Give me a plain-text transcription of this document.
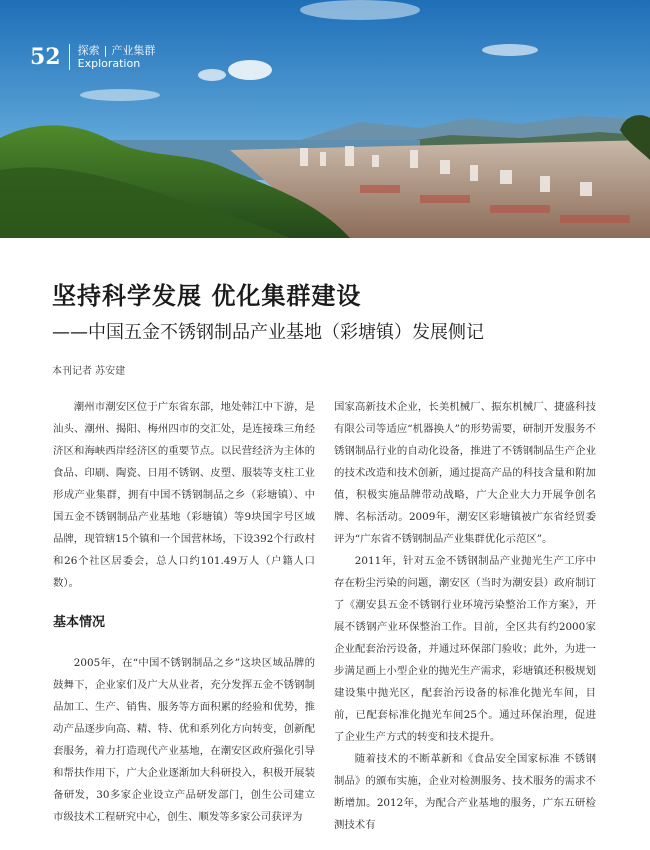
52	探索 | 产业集群
Exploration
坚持科学发展 优化集群建设
——中国五金不锈钢制品产业基地（彩塘镇）发展侧记
本刊记者 苏安建

潮州市潮安区位于广东省东部，地处韩江中下游，是汕头、潮州、揭阳、梅州四市的交汇处，是连接珠三角经济区和海峡西岸经济区的重要节点。以民营经济为主体的食品、印刷、陶瓷、日用不锈钢、皮塑、服装等支柱工业形成产业集群，拥有中国不锈钢制品之乡（彩塘镇）、中国五金不锈钢制品产业基地（彩塘镇）等9块国字号区域品牌，现管辖15个镇和一个国营林场，下设392个行政村和26个社区居委会，总人口约101.49万人（户籍人口数）。

基本情况

2005年，在“中国不锈钢制品之乡”这块区域品牌的鼓舞下，企业家们及广大从业者，充分发挥五金不锈钢制品加工、生产、销售、服务等方面积累的经验和优势，推动产品逐步向高、精、特、优和系列化方向转变，创新配套服务，着力打造现代产业基地，在潮安区政府强化引导和帮扶作用下，广大企业逐渐加大科研投入，积极开展装备研发，30多家企业设立产品研发部门，创生公司建立市级技术工程研究中心，创生、顺发等多家公司获评为

国家高新技术企业，长美机械厂、振东机械厂、捷盛科技有限公司等适应“机器换人”的形势需要，研制开发服务不锈钢制品行业的自动化设备，推进了不锈钢制品生产企业的技术改造和技术创新，通过提高产品的科技含量和附加值，积极实施品牌带动战略，广大企业大力开展争创名牌、名标活动。2009年，潮安区彩塘镇被广东省经贸委评为“广东省不锈钢制品产业集群优化示范区”。

2011年，针对五金不锈钢制品产业抛光生产工序中存在粉尘污染的问题，潮安区（当时为潮安县）政府制订了《潮安县五金不锈钢行业环境污染整治工作方案》，开展不锈钢产业环保整治工作。目前，全区共有约2000家企业配套治污设备，并通过环保部门验收；此外，为进一步满足画上小型企业的抛光生产需求，彩塘镇还积极规划建设集中抛光区，配套治污设备的标准化抛光车间，目前，已配套标准化抛光车间25个。通过环保治理，促进了企业生产方式的转变和技术提升。

随着技术的不断革新和《食品安全国家标准 不锈钢制品》的颁布实施，企业对检测服务、技术服务的需求不断增加。2012年，为配合产业基地的服务，广东五研检测技术有
